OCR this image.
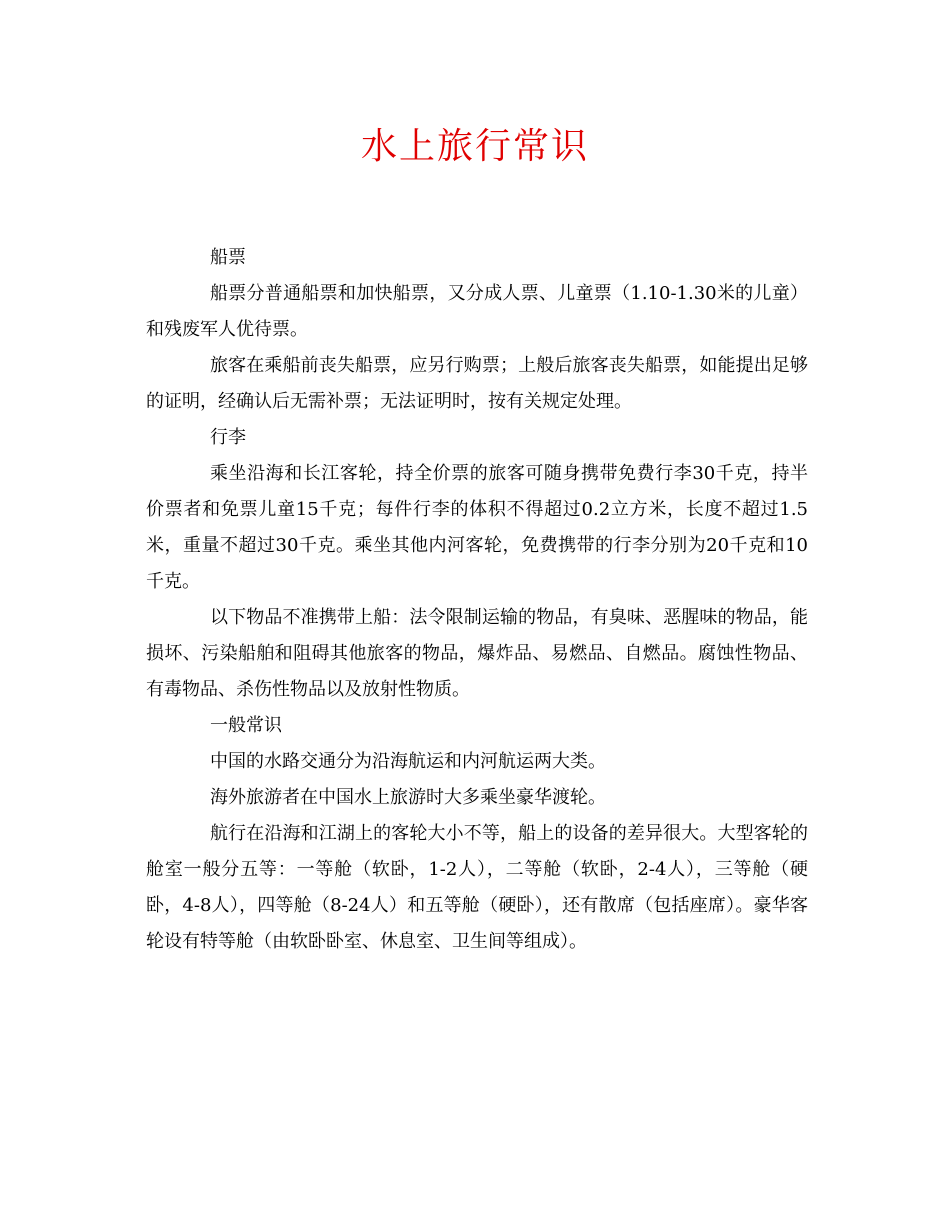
水上旅行常识

船票

船票分普通船票和加快船票，又分成人票、儿童票（1.10-1.30米的儿童）和残废军人优待票。

旅客在乘船前丧失船票，应另行购票；上般后旅客丧失船票，如能提出足够的证明，经确认后无需补票；无法证明时，按有关规定处理。

行李

乘坐沿海和长江客轮，持全价票的旅客可随身携带免费行李30千克，持半价票者和免票儿童15千克；每件行李的体积不得超过0.2立方米，长度不超过1.5米，重量不超过30千克。乘坐其他内河客轮，免费携带的行李分别为20千克和10千克。

以下物品不准携带上船：法令限制运输的物品，有臭味、恶腥味的物品，能损坏、污染船舶和阻碍其他旅客的物品，爆炸品、易燃品、自燃品。腐蚀性物品、有毒物品、杀伤性物品以及放射性物质。

一般常识

中国的水路交通分为沿海航运和内河航运两大类。

海外旅游者在中国水上旅游时大多乘坐豪华渡轮。

航行在沿海和江湖上的客轮大小不等，船上的设备的差异很大。大型客轮的舱室一般分五等：一等舱（软卧，1-2人），二等舱（软卧，2-4人），三等舱（硬卧，4-8人），四等舱（8-24人）和五等舱（硬卧），还有散席（包括座席）。豪华客轮设有特等舱（由软卧卧室、休息室、卫生间等组成）。
